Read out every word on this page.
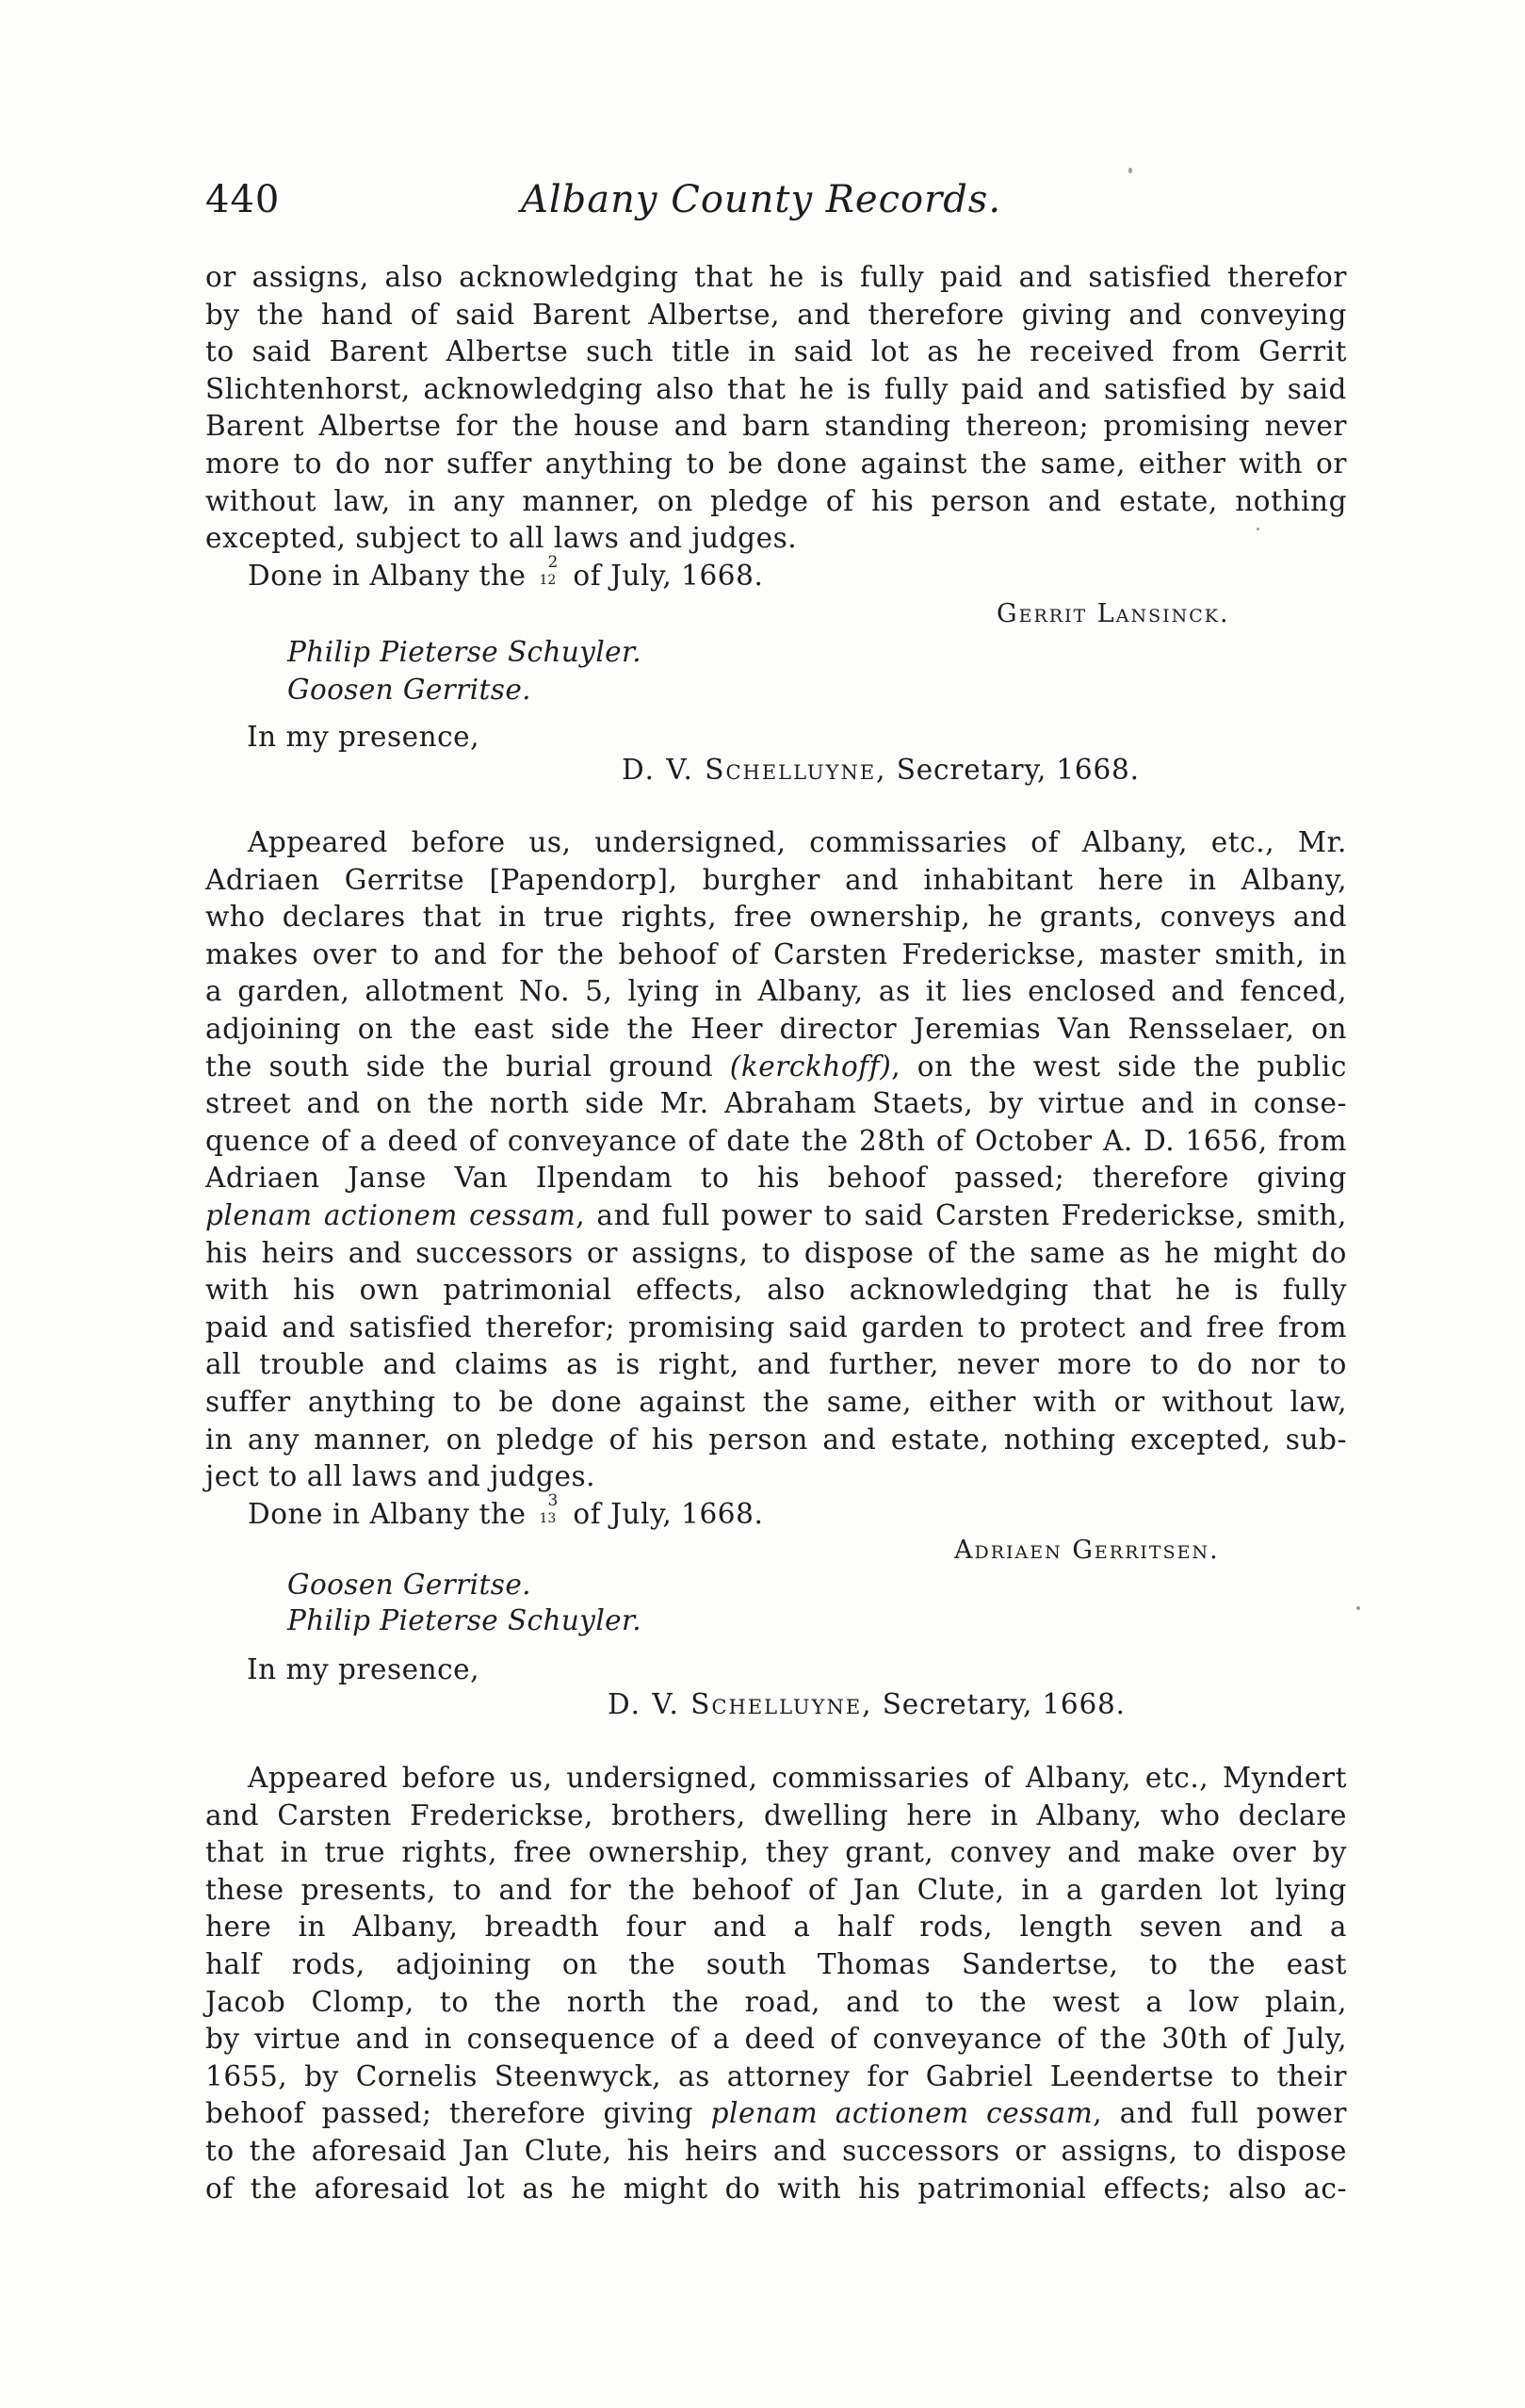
440	Albany County Records.
or assigns, also acknowledging that he is fully paid and satisfied therefor
by the hand of said Barent Albertse, and therefore giving and conveying
to said Barent Albertse such title in said lot as he received from Gerrit
Slichtenhorst, acknowledging also that he is fully paid and satisfied by said
Barent Albertse for the house and barn standing thereon; promising never
more to do nor suffer anything to be done against the same, either with or
without law, in any manner, on pledge of his person and estate, nothing
excepted, subject to all laws and judges.
Done in Albany the 2
12 of July, 1668.
Gerrit Lansinck.
Philip Pieterse Schuyler.
Goosen Gerritse.
In my presence,
D. V. Schelluyne, Secretary, 1668.
Appeared before us, undersigned, commissaries of Albany, etc., Mr.
Adriaen Gerritse [Papendorp], burgher and inhabitant here in Albany,
who declares that in true rights, free ownership, he grants, conveys and
makes over to and for the behoof of Carsten Frederickse, master smith, in
a garden, allotment No. 5, lying in Albany, as it lies enclosed and fenced,
adjoining on the east side the Heer director Jeremias Van Rensselaer, on
the south side the burial ground (kerckhoff), on the west side the public
street and on the north side Mr. Abraham Staets, by virtue and in conse-
quence of a deed of conveyance of date the 28th of October A. D. 1656, from
Adriaen Janse Van Ilpendam to his behoof passed; therefore giving
plenam actionem cessam, and full power to said Carsten Frederickse, smith,
his heirs and successors or assigns, to dispose of the same as he might do
with his own patrimonial effects, also acknowledging that he is fully
paid and satisfied therefor; promising said garden to protect and free from
all trouble and claims as is right, and further, never more to do nor to
suffer anything to be done against the same, either with or without law,
in any manner, on pledge of his person and estate, nothing excepted, sub-
ject to all laws and judges.
Done in Albany the 3
13 of July, 1668.
Adriaen Gerritsen.
Goosen Gerritse.
Philip Pieterse Schuyler.
In my presence,
D. V. Schelluyne, Secretary, 1668.
Appeared before us, undersigned, commissaries of Albany, etc., Myndert
and Carsten Frederickse, brothers, dwelling here in Albany, who declare
that in true rights, free ownership, they grant, convey and make over by
these presents, to and for the behoof of Jan Clute, in a garden lot lying
here in Albany, breadth four and a half rods, length seven and a
half rods, adjoining on the south Thomas Sandertse, to the east
Jacob Clomp, to the north the road, and to the west a low plain,
by virtue and in consequence of a deed of conveyance of the 30th of July,
1655, by Cornelis Steenwyck, as attorney for Gabriel Leendertse to their
behoof passed; therefore giving plenam actionem cessam, and full power
to the aforesaid Jan Clute, his heirs and successors or assigns, to dispose
of the aforesaid lot as he might do with his patrimonial effects; also ac-
